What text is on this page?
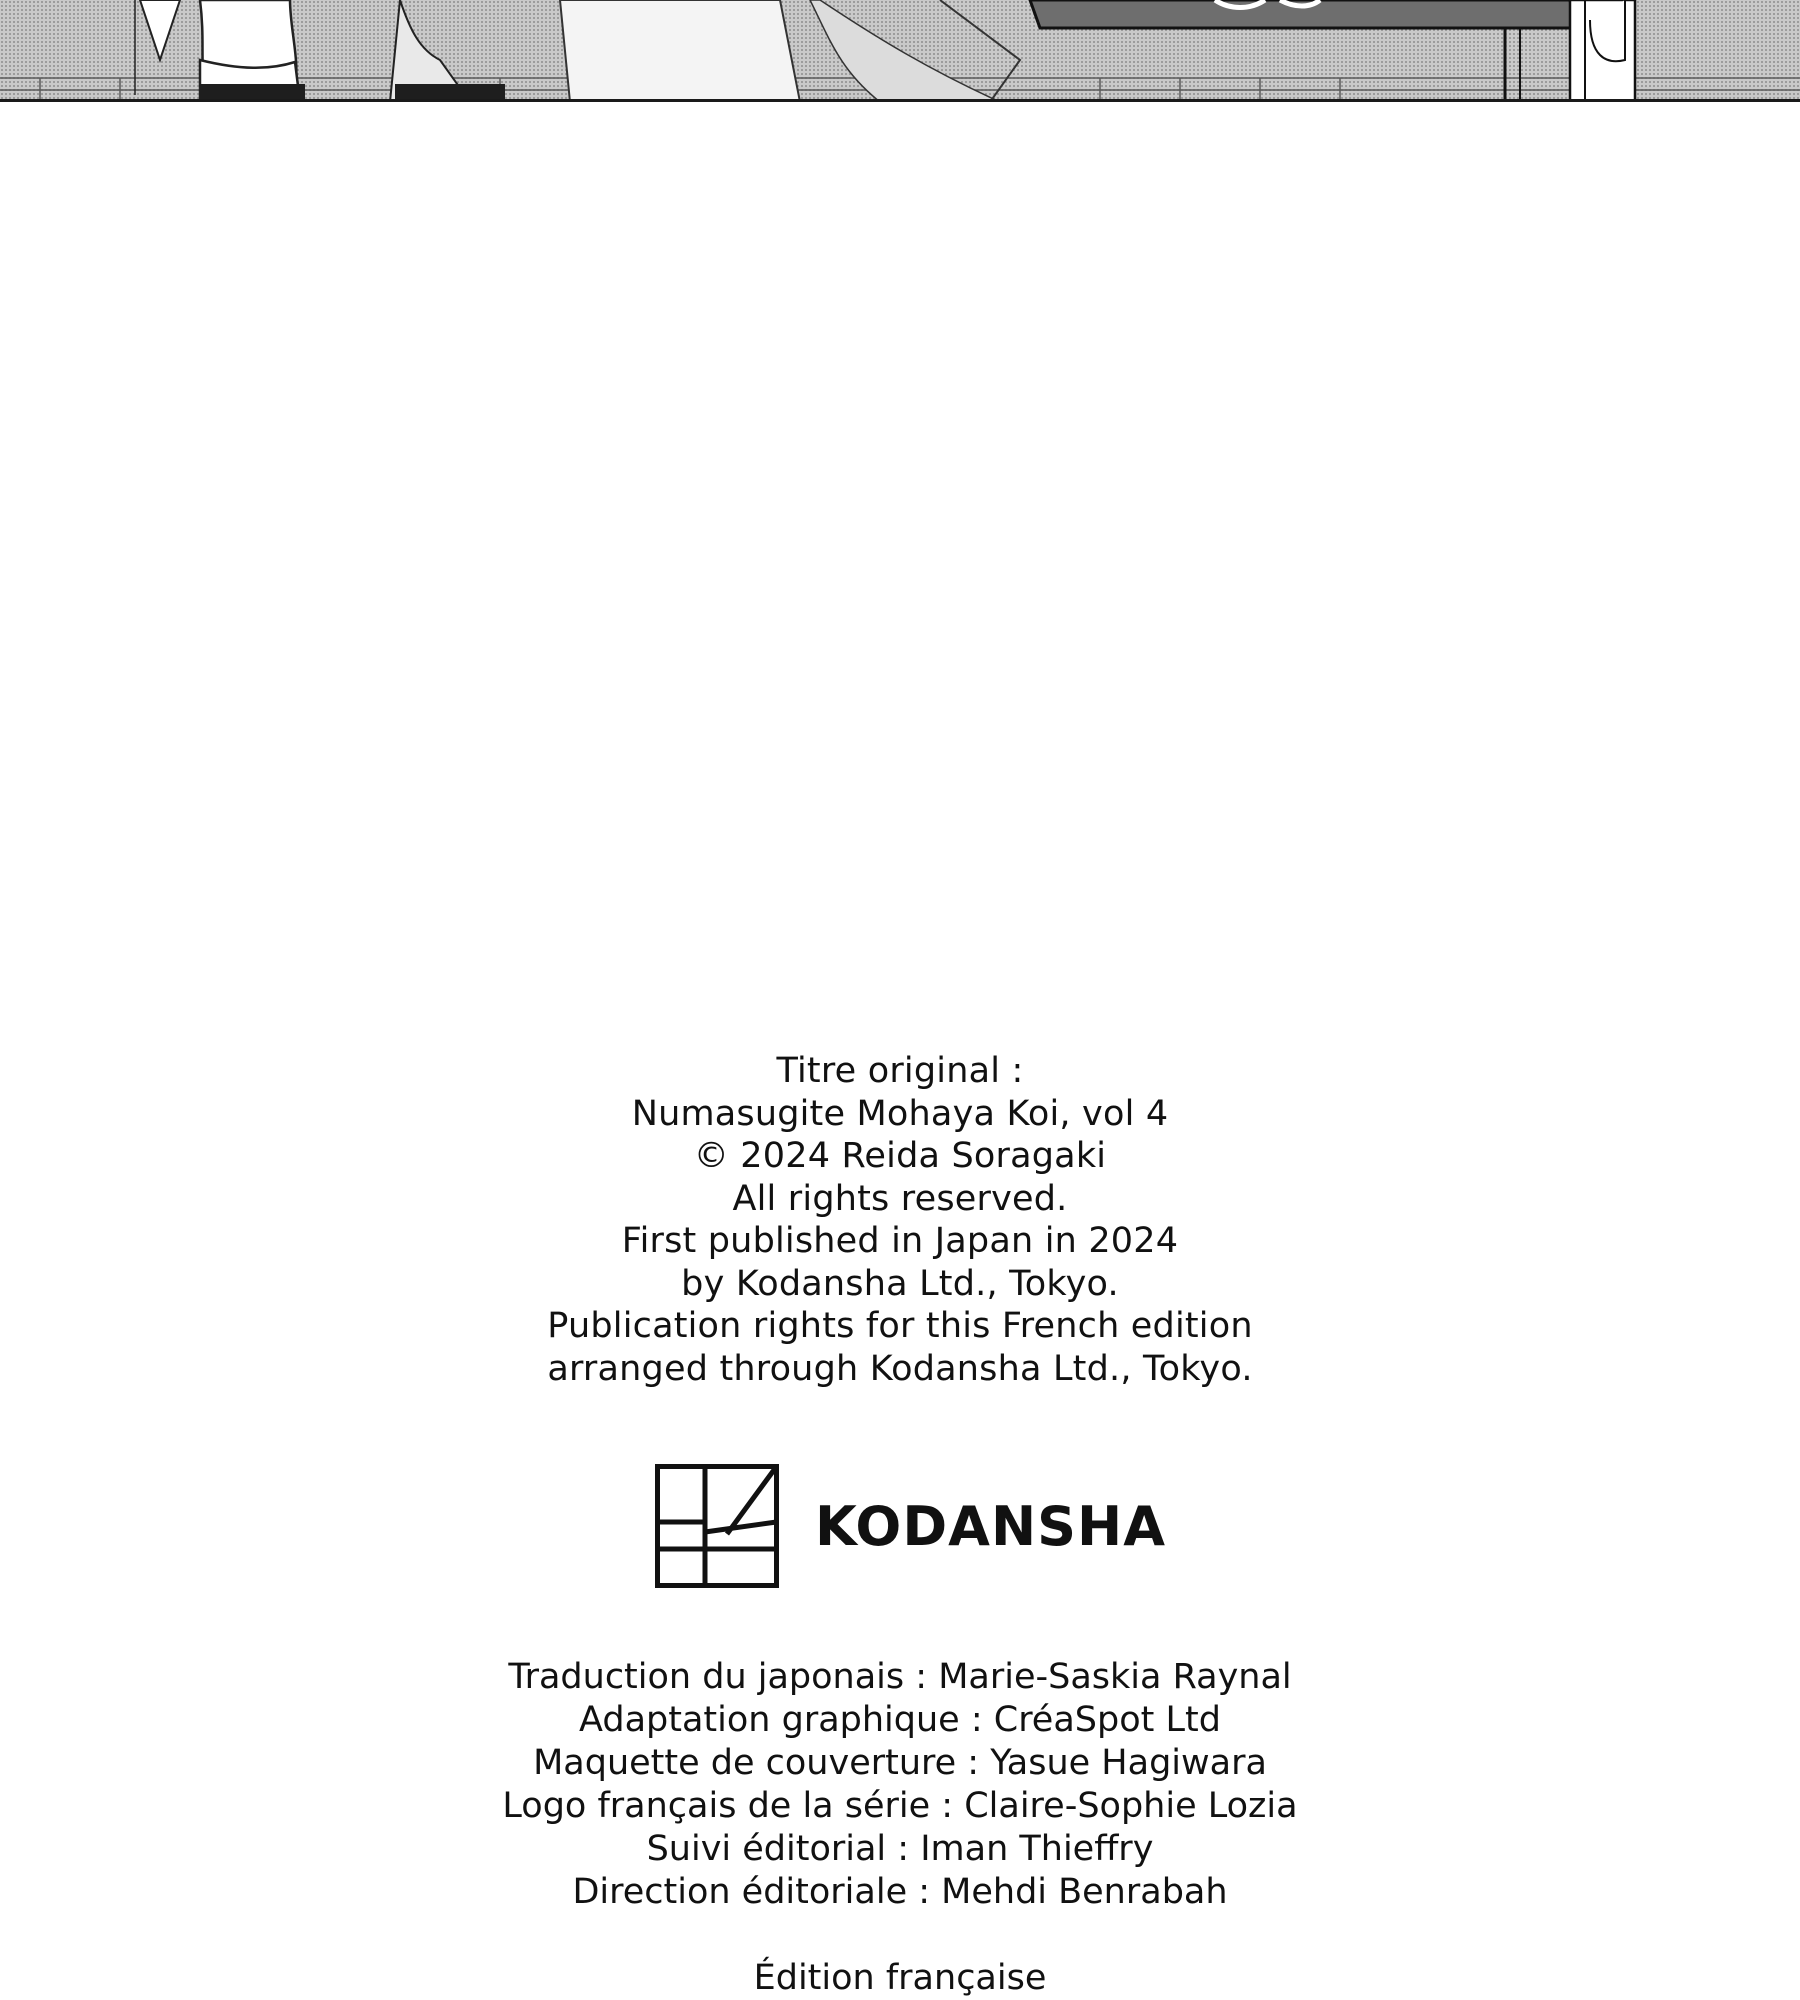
Titre original :
Numasugite Mohaya Koi, vol 4
© 2024 Reida Soragaki
All rights reserved.
First published in Japan in 2024
by Kodansha Ltd., Tokyo.
Publication rights for this French edition
arranged through Kodansha Ltd., Tokyo.
KODANSHA
Traduction du japonais : Marie-Saskia Raynal
Adaptation graphique : CréaSpot Ltd
Maquette de couverture : Yasue Hagiwara
Logo français de la série : Claire-Sophie Lozia
Suivi éditorial : Iman Thieffry
Direction éditoriale : Mehdi Benrabah
Édition française
